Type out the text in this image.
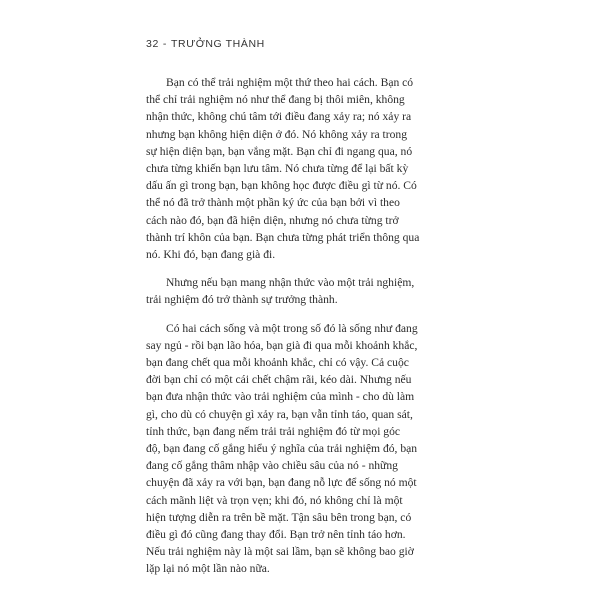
32 - TRƯỞNG THÀNH

Bạn có thể trải nghiệm một thứ theo hai cách. Bạn có
thể chỉ trải nghiệm nó như thể đang bị thôi miên, không
nhận thức, không chú tâm tới điều đang xảy ra; nó xảy ra
nhưng bạn không hiện diện ở đó. Nó không xảy ra trong
sự hiện diện bạn, bạn vắng mặt. Bạn chỉ đi ngang qua, nó
chưa từng khiến bạn lưu tâm. Nó chưa từng để lại bất kỳ
dấu ấn gì trong bạn, bạn không học được điều gì từ nó. Có
thể nó đã trở thành một phần ký ức của bạn bởi vì theo
cách nào đó, bạn đã hiện diện, nhưng nó chưa từng trở
thành trí khôn của bạn. Bạn chưa từng phát triển thông qua
nó. Khi đó, bạn đang già đi.

Nhưng nếu bạn mang nhận thức vào một trải nghiệm,
trải nghiệm đó trở thành sự trưởng thành.

Có hai cách sống và một trong số đó là sống như đang
say ngủ - rồi bạn lão hóa, bạn già đi qua mỗi khoảnh khắc,
bạn đang chết qua mỗi khoảnh khắc, chỉ có vậy. Cả cuộc
đời bạn chỉ có một cái chết chậm rãi, kéo dài. Nhưng nếu
bạn đưa nhận thức vào trải nghiệm của mình - cho dù làm
gì, cho dù có chuyện gì xảy ra, bạn vẫn tỉnh táo, quan sát,
tỉnh thức, bạn đang nếm trải trải nghiệm đó từ mọi góc
độ, bạn đang cố gắng hiểu ý nghĩa của trải nghiệm đó, bạn
đang cố gắng thâm nhập vào chiều sâu của nó - những
chuyện đã xảy ra với bạn, bạn đang nỗ lực để sống nó một
cách mãnh liệt và trọn vẹn; khi đó, nó không chỉ là một
hiện tượng diễn ra trên bề mặt. Tận sâu bên trong bạn, có
điều gì đó cũng đang thay đổi. Bạn trở nên tỉnh táo hơn.
Nếu trải nghiệm này là một sai lầm, bạn sẽ không bao giờ
lặp lại nó một lần nào nữa.
